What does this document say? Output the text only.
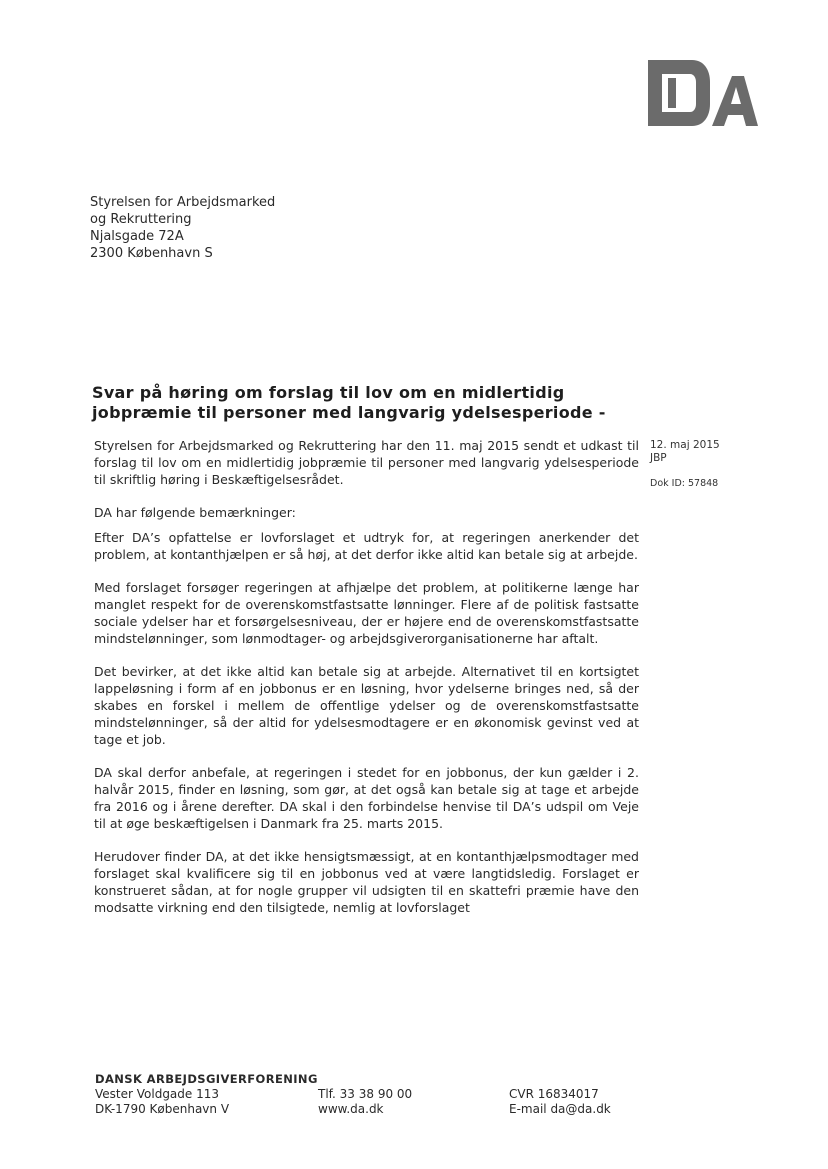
Styrelsen for Arbejdsmarked
og Rekruttering
Njalsgade 72A
2300 København S
Svar på høring om forslag til lov om en midlertidig jobpræmie til personer med langvarig ydelsesperiode -
12. maj 2015
JBP
Dok ID: 57848

Styrelsen for Arbejdsmarked og Rekruttering har den 11. maj 2015 sendt et udkast til forslag til lov om en midlertidig jobpræmie til personer med langvarig ydelsesperiode til skriftlig høring i Beskæftigelsesrådet.

DA har følgende bemærkninger:

Efter DA’s opfattelse er lovforslaget et udtryk for, at regeringen anerkender det problem, at kontanthjælpen er så høj, at det derfor ikke altid kan betale sig at arbejde.

Med forslaget forsøger regeringen at afhjælpe det problem, at politikerne længe har manglet respekt for de overenskomstfastsatte lønninger. Flere af de politisk fastsatte sociale ydelser har et forsørgelsesniveau, der er højere end de overenskomstfastsatte mindstelønninger, som lønmodtager- og arbejdsgiverorganisationerne har aftalt.

Det bevirker, at det ikke altid kan betale sig at arbejde. Alternativet til en kortsigtet lappeløsning i form af en jobbonus er en løsning, hvor ydelserne bringes ned, så der skabes en forskel i mellem de offentlige ydelser og de overenskomstfastsatte mindstelønninger, så der altid for ydelsesmodtagere er en økonomisk gevinst ved at tage et job.

DA skal derfor anbefale, at regeringen i stedet for en jobbonus, der kun gælder i 2. halvår 2015, finder en løsning, som gør, at det også kan betale sig at tage et arbejde fra 2016 og i årene derefter. DA skal i den forbindelse henvise til DA’s udspil om Veje til at øge beskæftigelsen i Danmark fra 25. marts 2015.

Herudover finder DA, at det ikke hensigtsmæssigt, at en kontanthjælpsmodtager med forslaget skal kvalificere sig til en jobbonus ved at være langtidsledig. Forslaget er konstrueret sådan, at for nogle grupper vil udsigten til en skattefri præmie have den modsatte virkning end den tilsigtede, nemlig at lovforslaget

DANSK ARBEJDSGIVERFORENING
Vester Voldgade 113
DK-1790 København V
Tlf. 33 38 90 00
www.da.dk
CVR 16834017
E-mail da@da.dk
